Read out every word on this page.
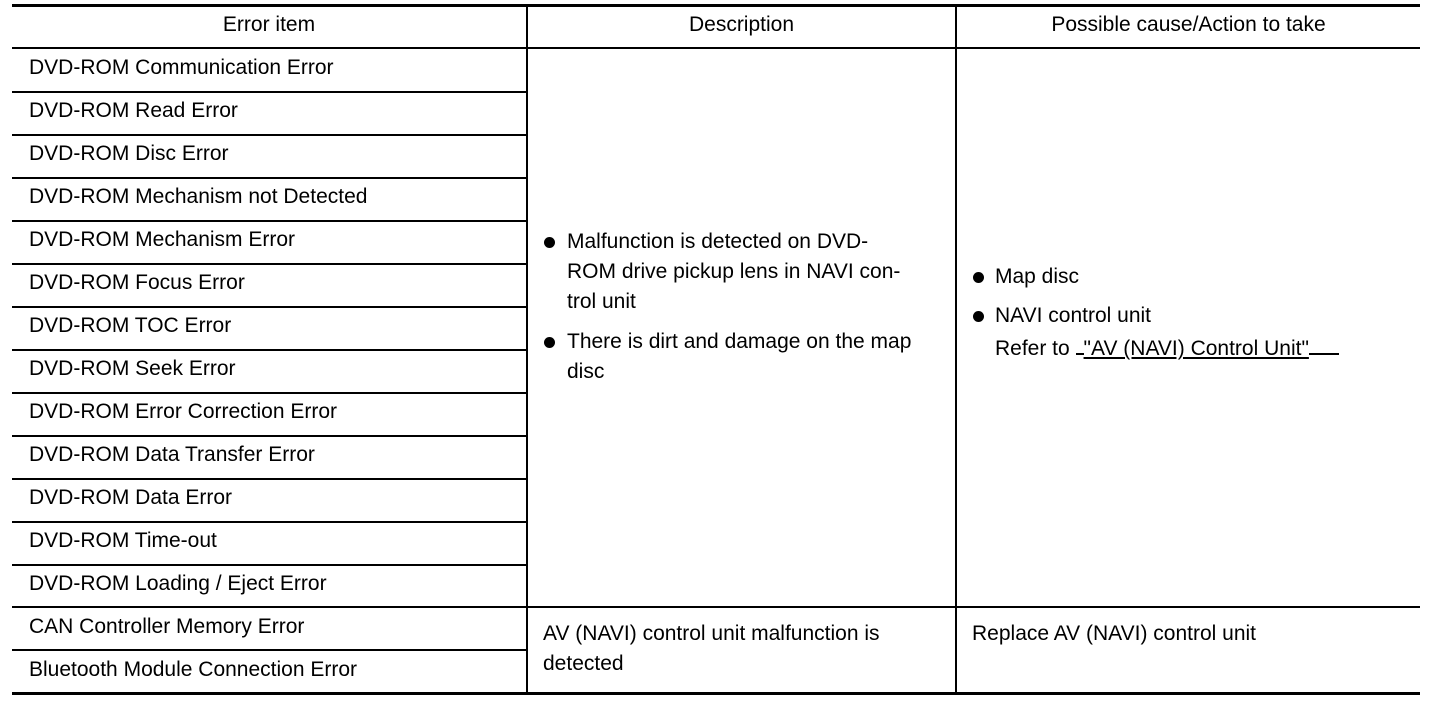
Error item	Description	Possible cause/Action to take
DVD-ROM Communication Error
DVD-ROM Read Error
DVD-ROM Disc Error
DVD-ROM Mechanism not Detected
DVD-ROM Mechanism Error
DVD-ROM Focus Error
DVD-ROM TOC Error
DVD-ROM Seek Error
DVD-ROM Error Correction Error
DVD-ROM Data Transfer Error
DVD-ROM Data Error
DVD-ROM Time-out
DVD-ROM Loading / Eject Error
CAN Controller Memory Error
Bluetooth Module Connection Error
Malfunction is detected on DVD-
ROM drive pickup lens in NAVI con-
trol unit
There is dirt and damage on the map
disc
Map disc
NAVI control unit
Refer to "AV (NAVI) Control Unit"
AV (NAVI) control unit malfunction is
detected
Replace AV (NAVI) control unit
